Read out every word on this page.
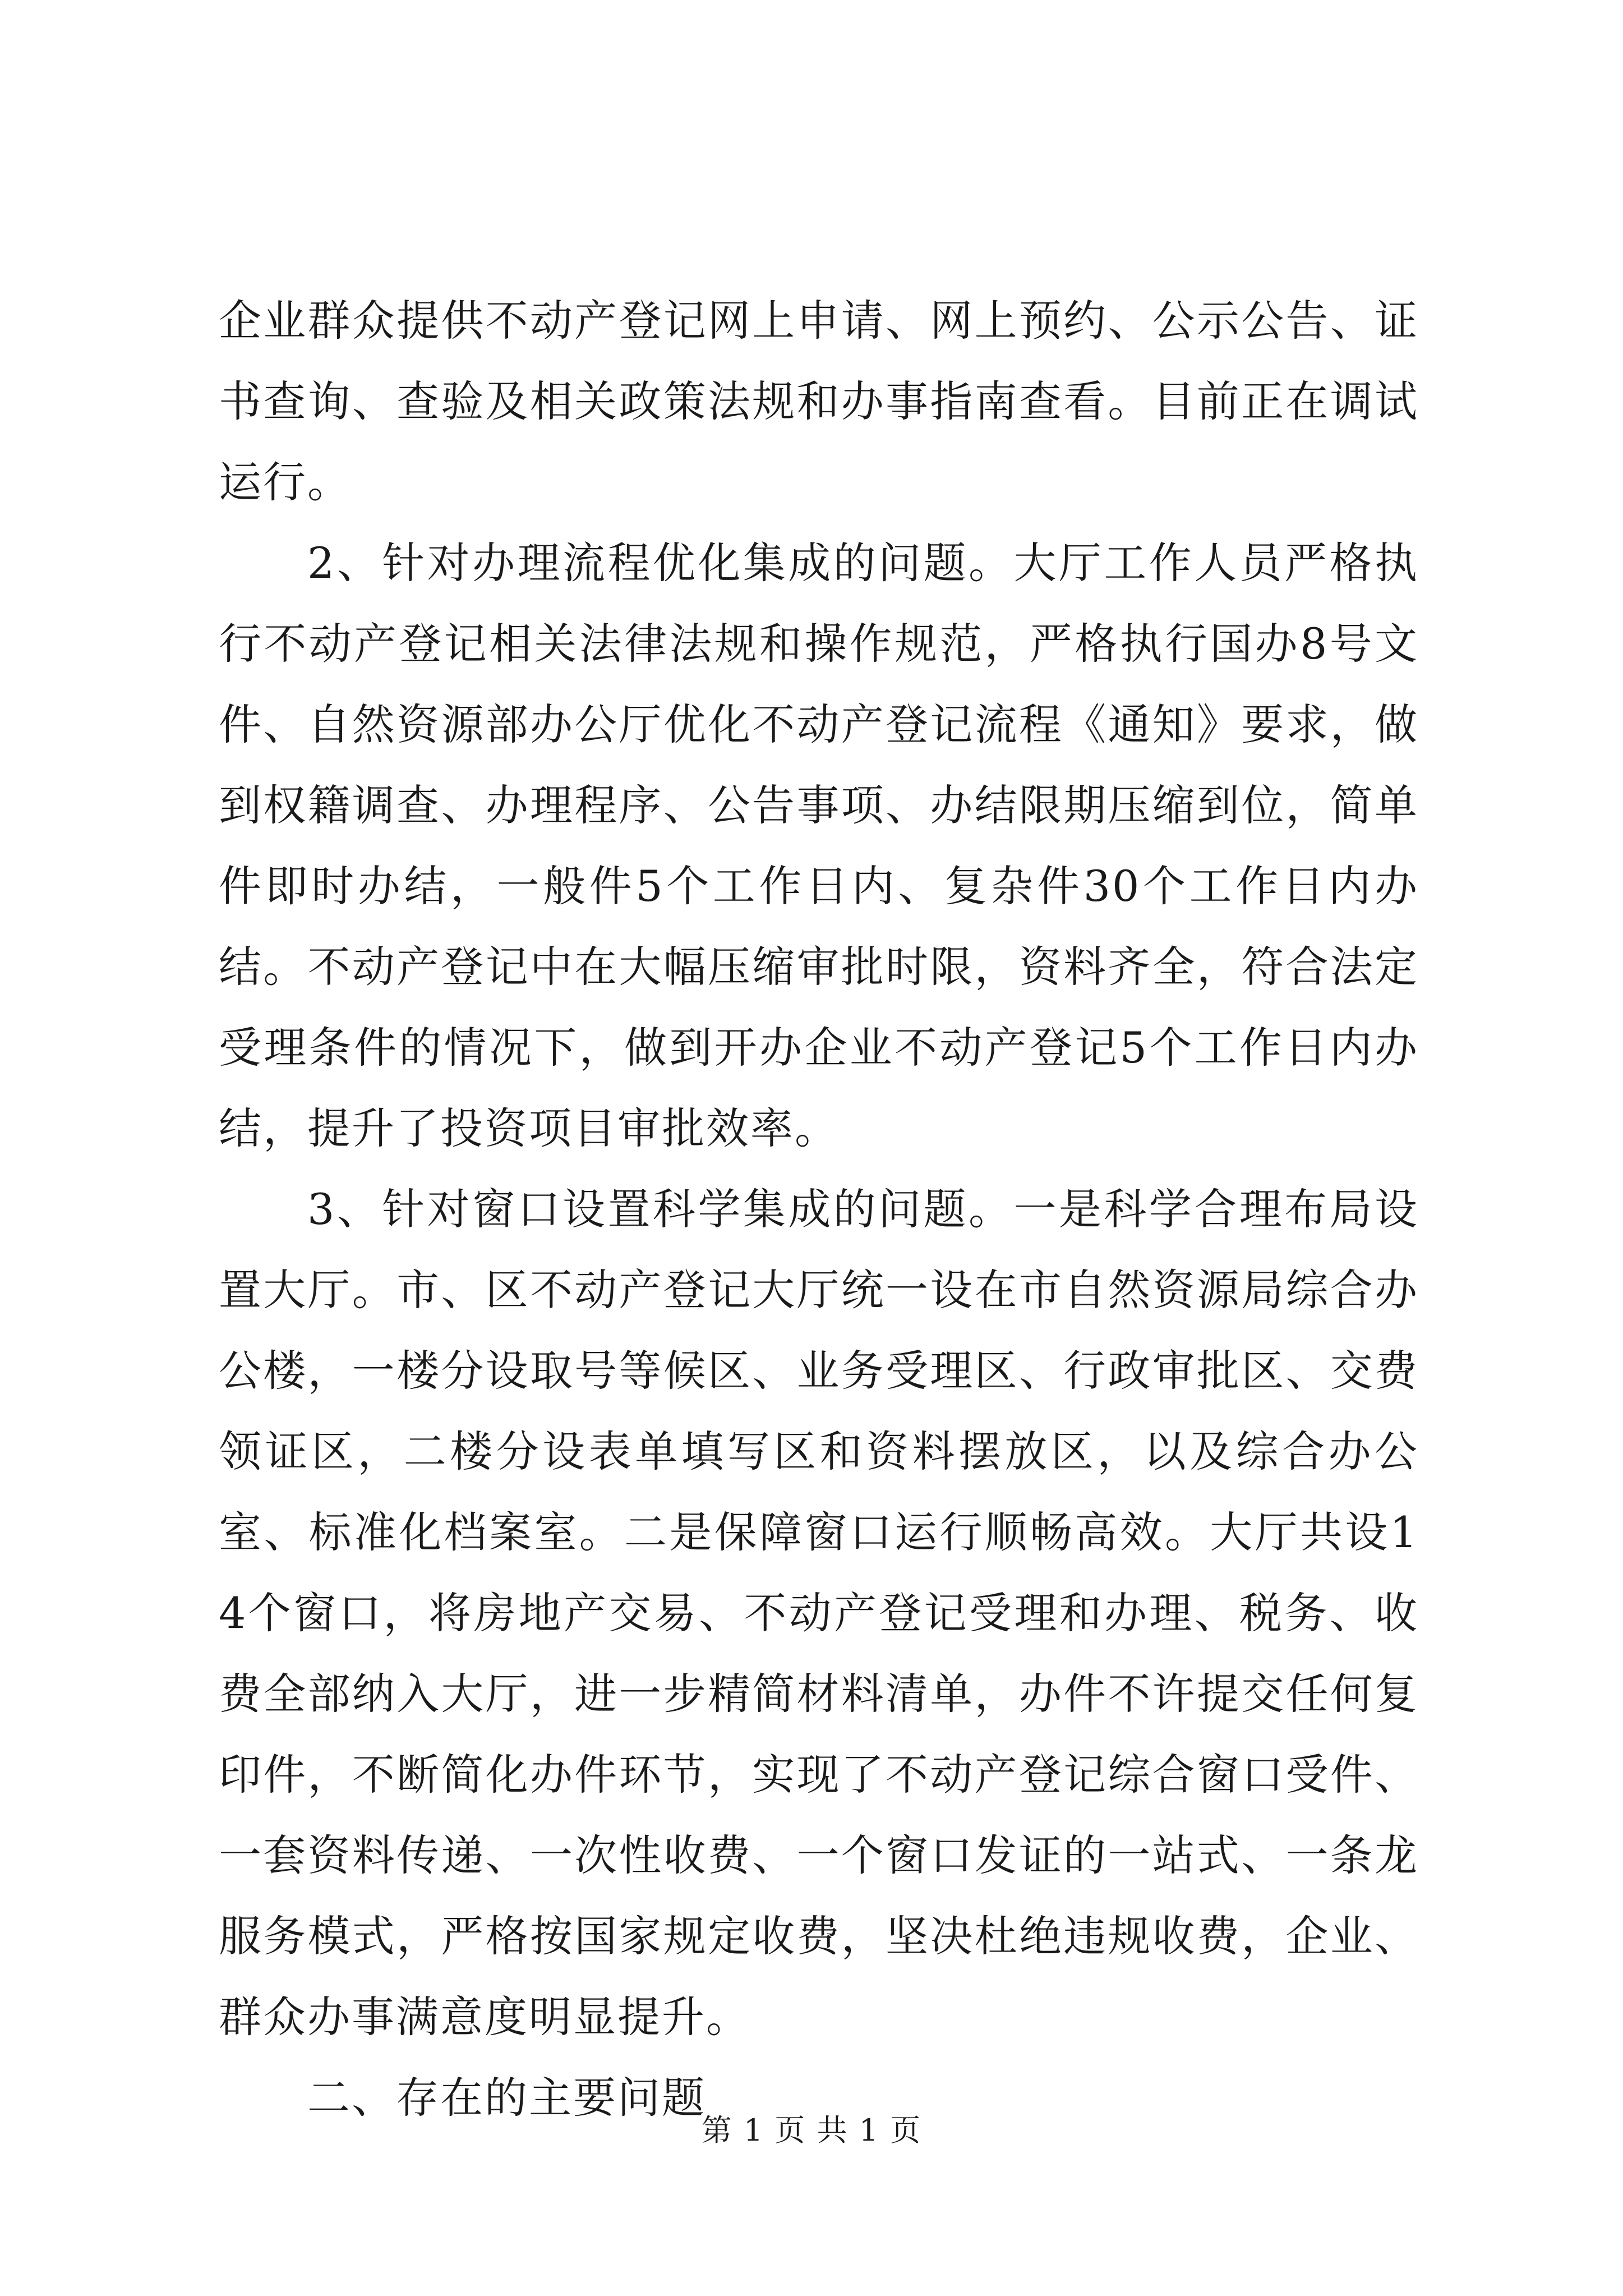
企业群众提供不动产登记网上申请、网上预约、公示公告、证书查询、查验及相关政策法规和办事指南查看。目前正在调试运行。

2、针对办理流程优化集成的问题。大厅工作人员严格执行不动产登记相关法律法规和操作规范，严格执行国办8号文件、自然资源部办公厅优化不动产登记流程《通知》要求，做到权籍调查、办理程序、公告事项、办结限期压缩到位，简单件即时办结，一般件5个工作日内、复杂件30个工作日内办结。不动产登记中在大幅压缩审批时限，资料齐全，符合法定受理条件的情况下，做到开办企业不动产登记5个工作日内办结，提升了投资项目审批效率。

3、针对窗口设置科学集成的问题。一是科学合理布局设置大厅。市、区不动产登记大厅统一设在市自然资源局综合办公楼，一楼分设取号等候区、业务受理区、行政审批区、交费领证区，二楼分设表单填写区和资料摆放区，以及综合办公室、标准化档案室。二是保障窗口运行顺畅高效。大厅共设14个窗口，将房地产交易、不动产登记受理和办理、税务、收费全部纳入大厅，进一步精简材料清单，办件不许提交任何复印件，不断简化办件环节，实现了不动产登记综合窗口受件、一套资料传递、一次性收费、一个窗口发证的一站式、一条龙服务模式，严格按国家规定收费，坚决杜绝违规收费，企业、群众办事满意度明显提升。

二、存在的主要问题

第 1 页 共 1 页
